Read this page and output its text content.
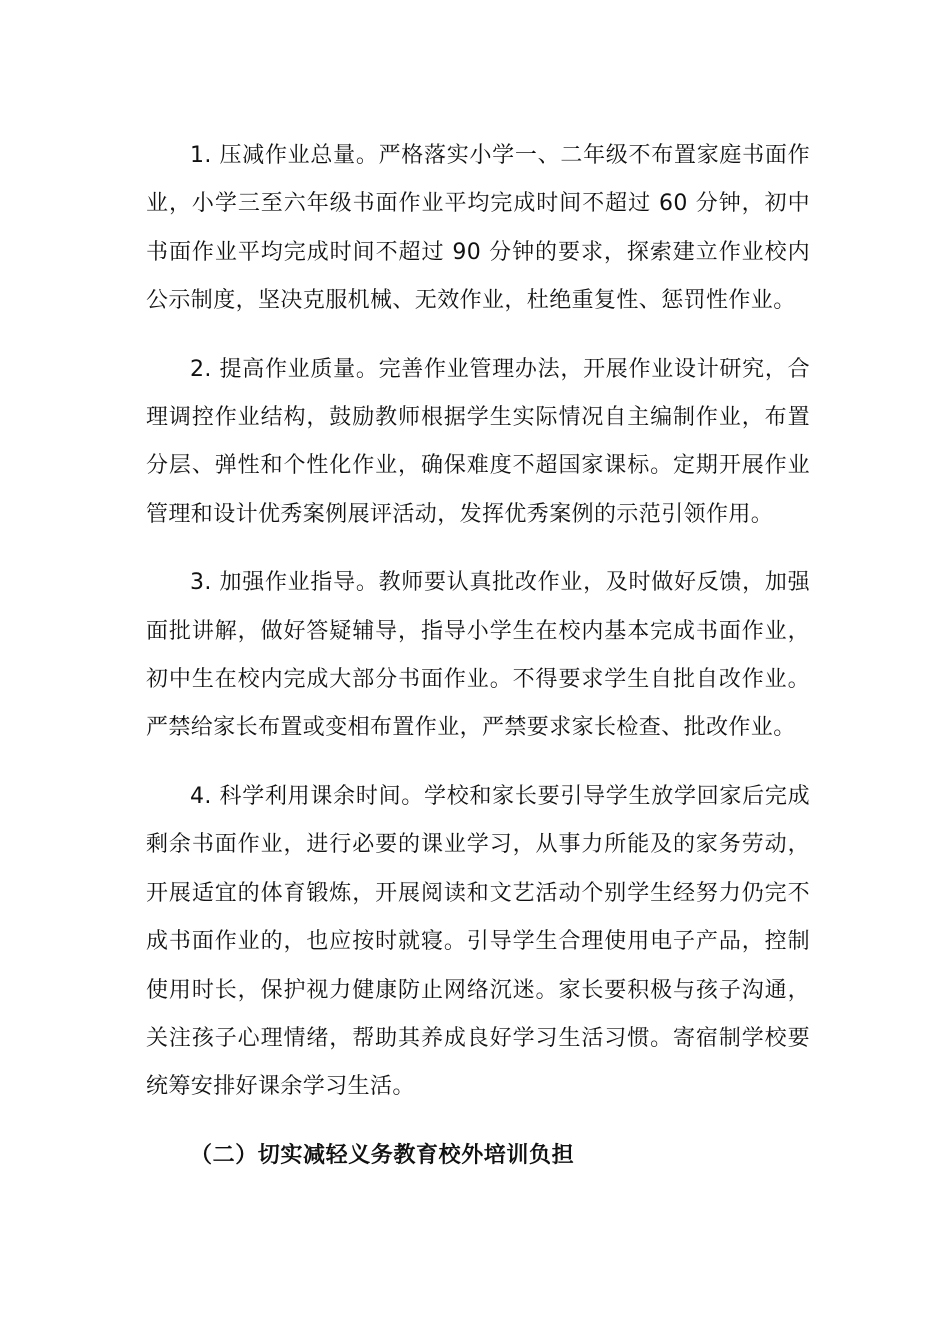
1. 压减作业总量。严格落实小学一、二年级不布置家庭书面作业，小学三至六年级书面作业平均完成时间不超过 60 分钟，初中书面作业平均完成时间不超过 90 分钟的要求，探索建立作业校内公示制度，坚决克服机械、无效作业，杜绝重复性、惩罚性作业。

2. 提高作业质量。完善作业管理办法，开展作业设计研究，合理调控作业结构，鼓励教师根据学生实际情况自主编制作业，布置分层、弹性和个性化作业，确保难度不超国家课标。定期开展作业管理和设计优秀案例展评活动，发挥优秀案例的示范引领作用。

3. 加强作业指导。教师要认真批改作业，及时做好反馈，加强面批讲解，做好答疑辅导，指导小学生在校内基本完成书面作业，初中生在校内完成大部分书面作业。不得要求学生自批自改作业。严禁给家长布置或变相布置作业，严禁要求家长检查、批改作业。

4. 科学利用课余时间。学校和家长要引导学生放学回家后完成剩余书面作业，进行必要的课业学习，从事力所能及的家务劳动，开展适宜的体育锻炼，开展阅读和文艺活动个别学生经努力仍完不成书面作业的，也应按时就寝。引导学生合理使用电子产品，控制使用时长，保护视力健康防止网络沉迷。家长要积极与孩子沟通，关注孩子心理情绪，帮助其养成良好学习生活习惯。寄宿制学校要统筹安排好课余学习生活。

（二）切实减轻义务教育校外培训负担
